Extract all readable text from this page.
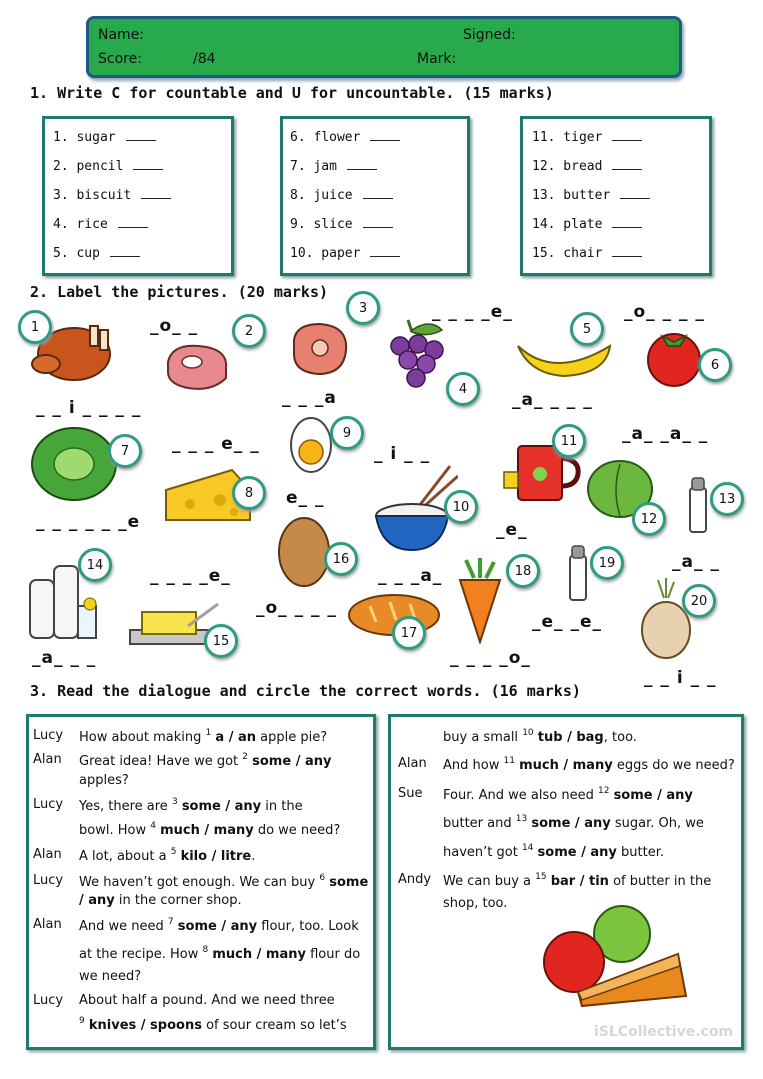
Name:	Signed:
Score:	/84	Mark:
1. Write C for countable and U for uncountable. (15 marks)
1. sugar
2. pencil
3. biscuit
4. rice
5. cup
6. flower
7. jam
8. juice
9. slice
10. paper
11. tiger
12. bread
13. butter
14. plate
15. chair
2. Label the pictures. (20 marks)
1	2
3
4
5
6
7
8
9
10
11
12
13
14
15
16
17
18
19
20
_o_ _
_ _ _ _e_	_o_ _ _ _
_ _ i _ _ _ _	_ _ _a	_a_ _ _ _
_ _ _ e_ _	_ i _ _
_a_ _a_ _
e_ _
_ _ _ _ _ _e	_e_
_ _ _ _e_	_ _ _a_
_a_ _
_o_ _ _ _
_e_ _e_
_a_ _ _	_ _ _ _o_
_ _ i _ _
3. Read the dialogue and circle the correct words. (16 marks)
Lucy How about making $^1$ a / an apple pie?
Alan Great idea! Have we got $^2$ some / any
apples?
Lucy Yes, there are $^3$ some / any in the
bowl. How $^4$ much / many do we need?
Alan A lot, about a $^5$ kilo / litre.
Lucy We haven’t got enough. We can buy $^6$ some
/ any in the corner shop.
Alan And we need $^7$ some / any flour, too. Look
at the recipe. How $^8$ much / many flour do
we need?
Lucy About half a pound. And we need three
$^9$ knives / spoons of sour cream so let’s
buy a small $^{10}$ tub / bag, too.
Alan And how $^{11}$ much / many eggs do we need?
Sue Four. And we also need $^{12}$ some / any
butter and $^{13}$ some / any sugar. Oh, we
haven’t got $^{14}$ some / any butter.
Andy We can buy a $^{15}$ bar / tin of butter in the
shop, too.
iSLCollective.com
